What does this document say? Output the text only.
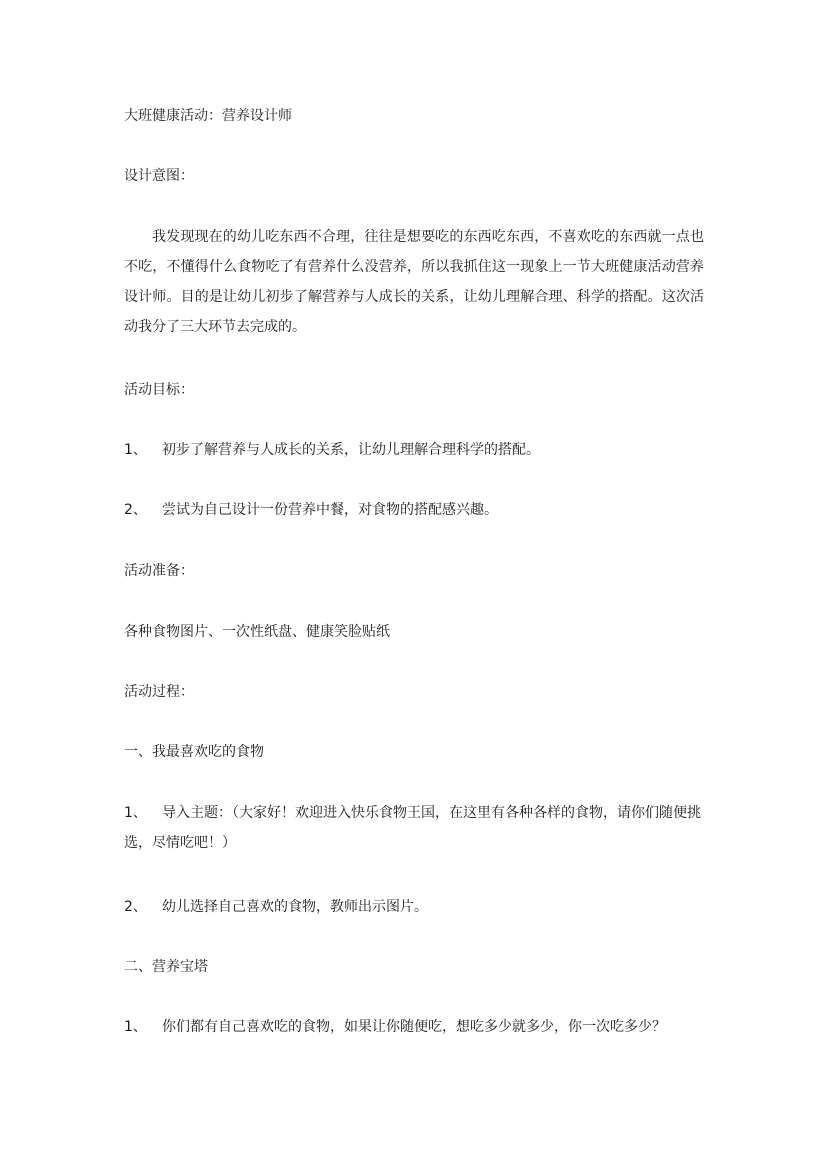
大班健康活动：营养设计师
设计意图：
我发现现在的幼儿吃东西不合理，往往是想要吃的东西吃东西，不喜欢吃的东西就一点也不吃，不懂得什么食物吃了有营养什么没营养，所以我抓住这一现象上一节大班健康活动营养设计师。目的是让幼儿初步了解营养与人成长的关系，让幼儿理解合理、科学的搭配。这次活动我分了三大环节去完成的。
活动目标：
1、 初步了解营养与人成长的关系，让幼儿理解合理科学的搭配。
2、 尝试为自己设计一份营养中餐，对食物的搭配感兴趣。
活动准备：
各种食物图片、一次性纸盘、健康笑脸贴纸
活动过程：
一、我最喜欢吃的食物
1、 导入主题：（大家好！欢迎进入快乐食物王国，在这里有各种各样的食物，请你们随便挑选，尽情吃吧！）
2、 幼儿选择自己喜欢的食物，教师出示图片。
二、营养宝塔
1、 你们都有自己喜欢吃的食物，如果让你随便吃，想吃多少就多少，你一次吃多少？
